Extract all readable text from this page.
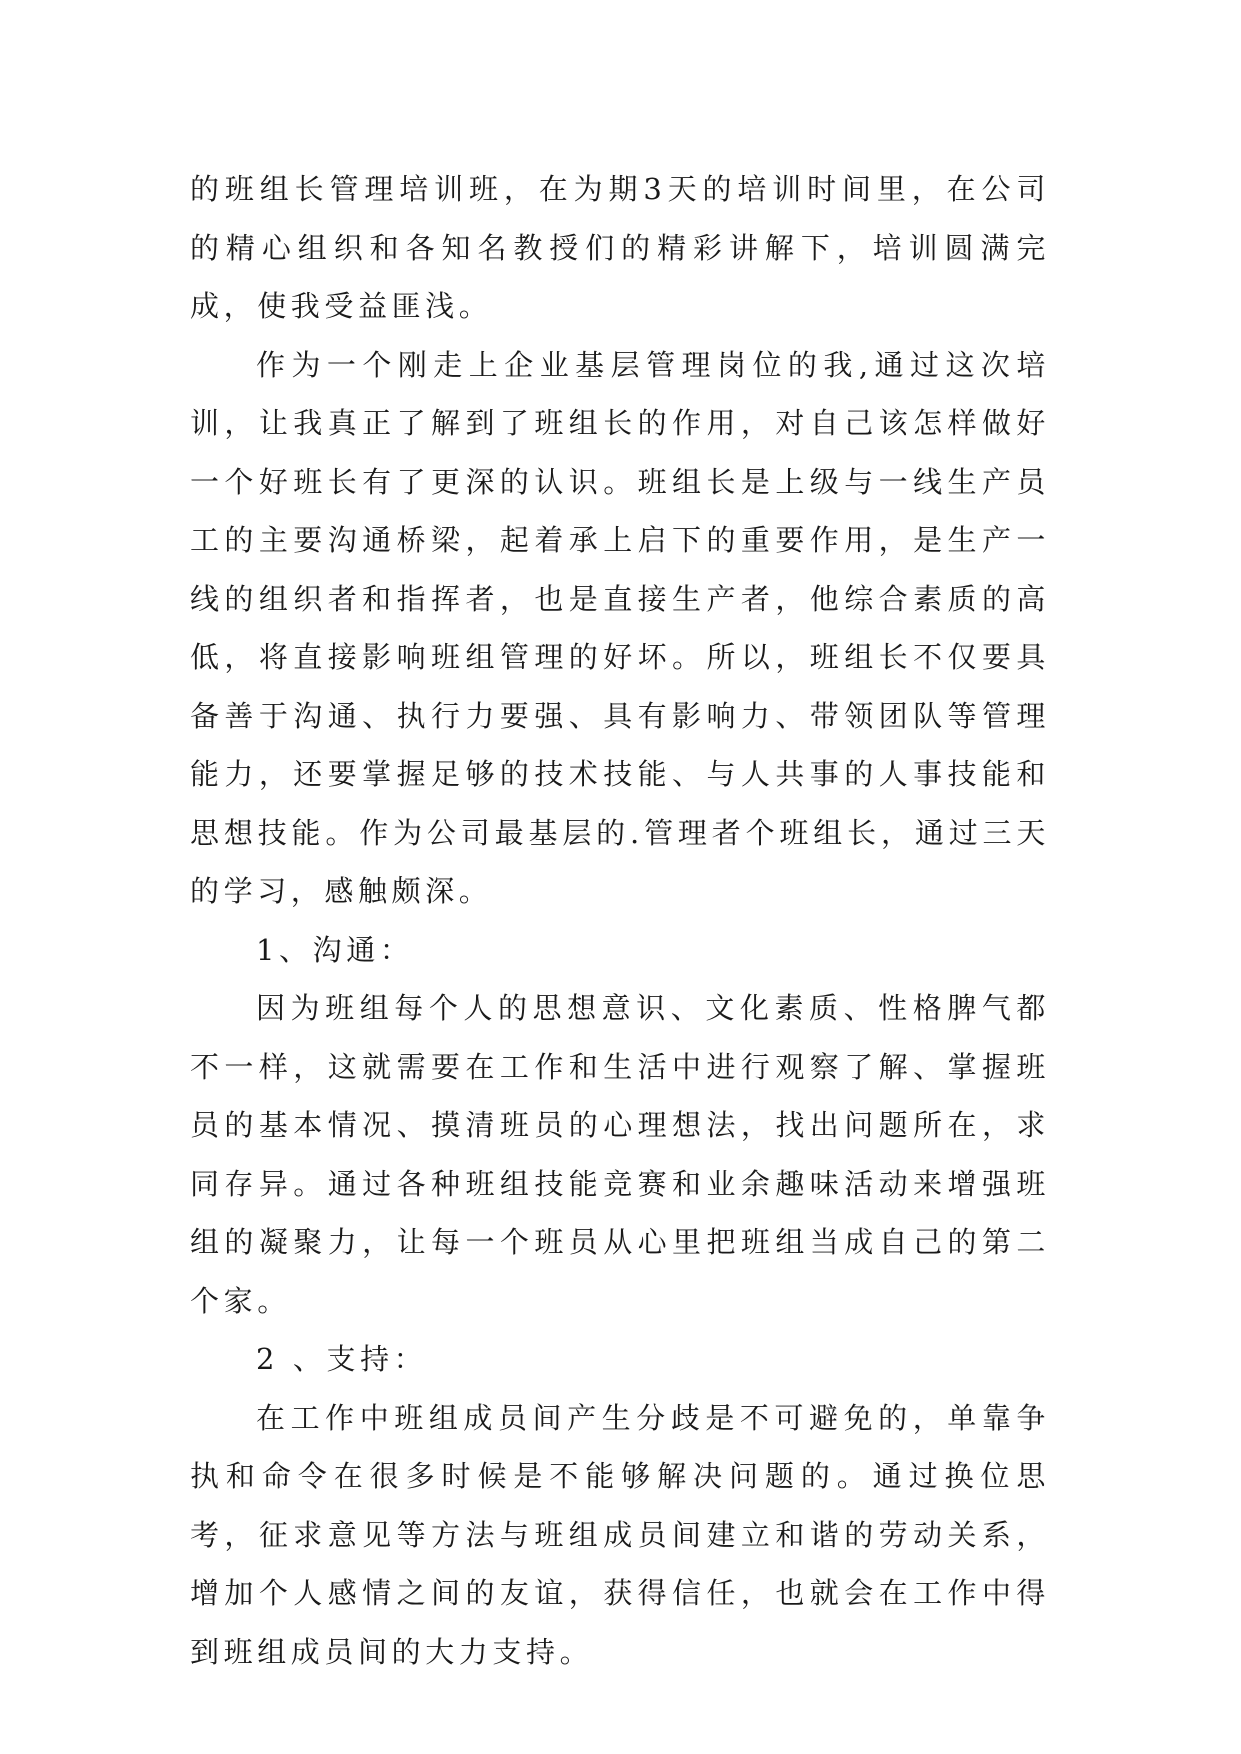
的班组长管理培训班，在为期3天的培训时间里，在公司的精心组织和各知名教授们的精彩讲解下，培训圆满完成，使我受益匪浅。

作为一个刚走上企业基层管理岗位的我,通过这次培训，让我真正了解到了班组长的作用，对自己该怎样做好一个好班长有了更深的认识。班组长是上级与一线生产员工的主要沟通桥梁，起着承上启下的重要作用，是生产一线的组织者和指挥者，也是直接生产者，他综合素质的高低，将直接影响班组管理的好坏。所以，班组长不仅要具备善于沟通、执行力要强、具有影响力、带领团队等管理能力，还要掌握足够的技术技能、与人共事的人事技能和思想技能。作为公司最基层的.管理者个班组长，通过三天的学习，感触颇深。

1、沟通：

因为班组每个人的思想意识、文化素质、性格脾气都不一样，这就需要在工作和生活中进行观察了解、掌握班员的基本情况、摸清班员的心理想法，找出问题所在，求同存异。通过各种班组技能竞赛和业余趣味活动来增强班组的凝聚力，让每一个班员从心里把班组当成自己的第二个家。

2 、支持：

在工作中班组成员间产生分歧是不可避免的，单靠争执和命令在很多时候是不能够解决问题的。通过换位思考，征求意见等方法与班组成员间建立和谐的劳动关系，增加个人感情之间的友谊，获得信任，也就会在工作中得到班组成员间的大力支持。
